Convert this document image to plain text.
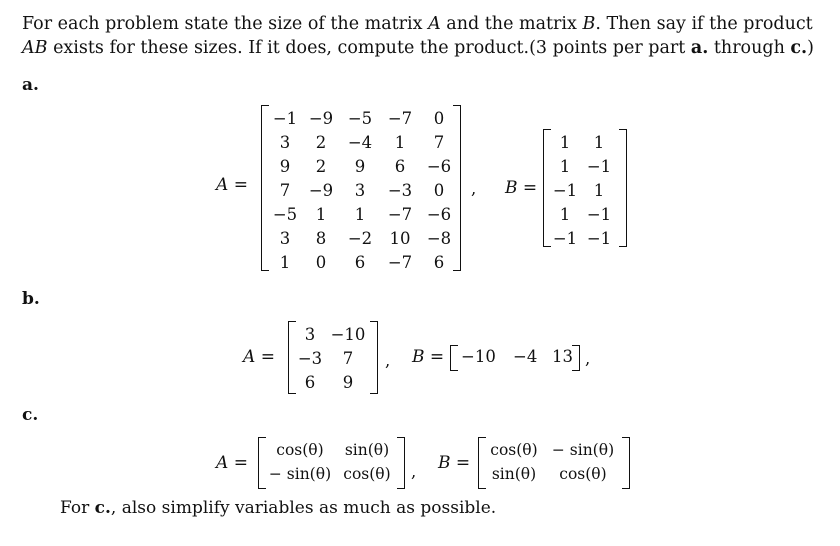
For each problem state the size of the matrix A and the matrix B. Then say if the product
AB exists for these sizes. If it does, compute the product.(3 points per part a. through c.)
a.
A =
−1	−9	−5	−7	0
3	2	−4	1	7
9	2	9	6	−6
7	−9	3	−3	0
−5	1	1	−7	−6
3	8	−2	10	−8
1	0	6	−7	6
, B =
1	1
1	−1
−1	1
1	−1
−1	−1
b.
A =
3	−10
−3	7
6	9
, B = −10 −4 13 ,
c.
A =
cos(θ)	sin(θ)
− sin(θ)	cos(θ) , B =
cos(θ)	− sin(θ)
sin(θ)	cos(θ)
For c., also simplify variables as much as possible.
